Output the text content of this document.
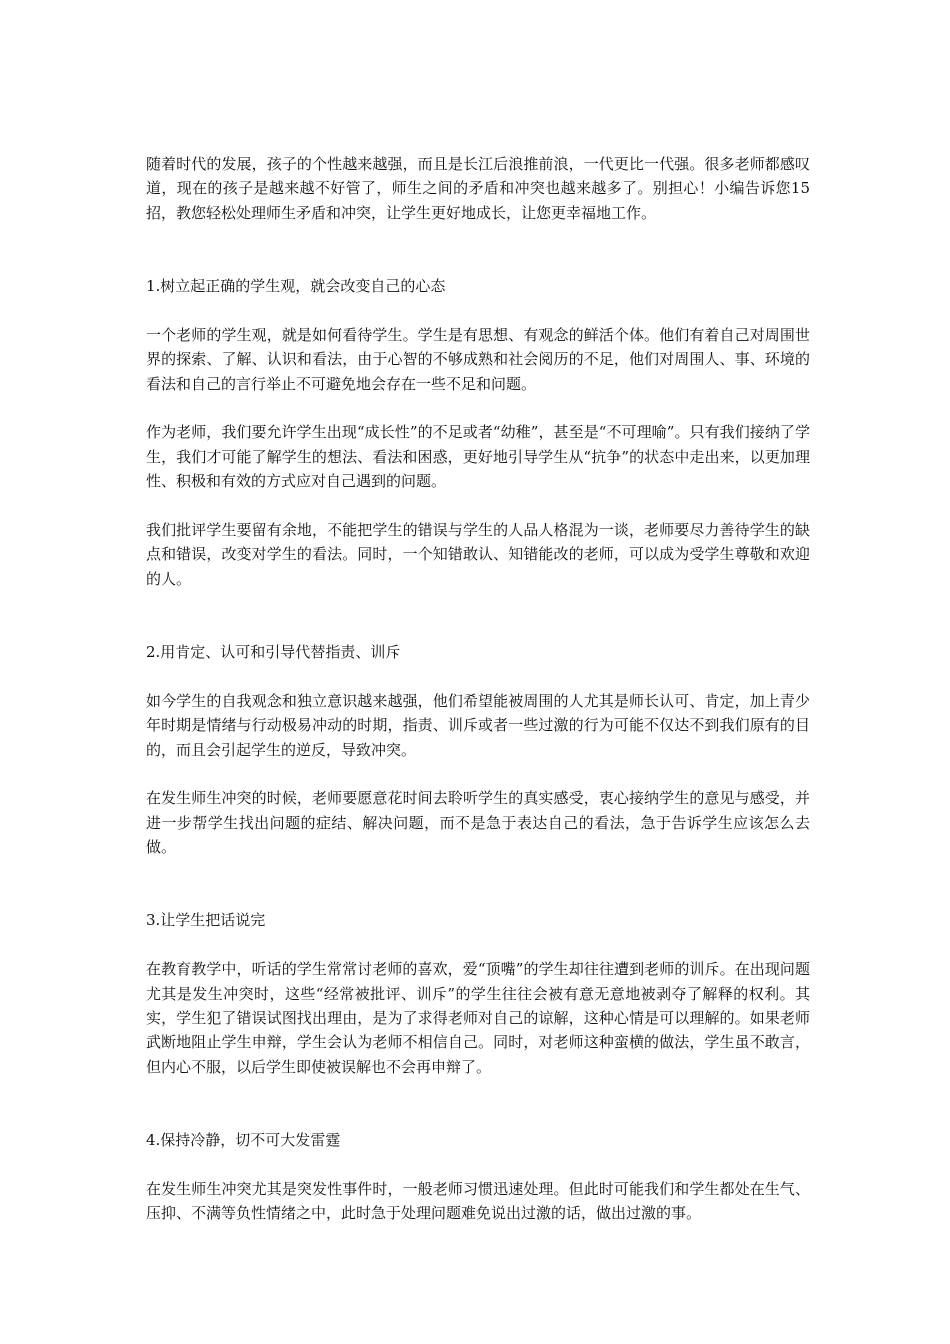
随着时代的发展，孩子的个性越来越强，而且是长江后浪推前浪，一代更比一代强。很多老师都感叹道，现在的孩子是越来越不好管了，师生之间的矛盾和冲突也越来越多了。别担心！小编告诉您15招，教您轻松处理师生矛盾和冲突，让学生更好地成长，让您更幸福地工作。

1.树立起正确的学生观，就会改变自己的心态

一个老师的学生观，就是如何看待学生。学生是有思想、有观念的鲜活个体。他们有着自己对周围世界的探索、了解、认识和看法，由于心智的不够成熟和社会阅历的不足，他们对周围人、事、环境的看法和自己的言行举止不可避免地会存在一些不足和问题。

作为老师，我们要允许学生出现“成长性”的不足或者“幼稚”，甚至是“不可理喻”。只有我们接纳了学生，我们才可能了解学生的想法、看法和困惑，更好地引导学生从“抗争”的状态中走出来，以更加理性、积极和有效的方式应对自己遇到的问题。

我们批评学生要留有余地，不能把学生的错误与学生的人品人格混为一谈，老师要尽力善待学生的缺点和错误，改变对学生的看法。同时，一个知错敢认、知错能改的老师，可以成为受学生尊敬和欢迎的人。

2.用肯定、认可和引导代替指责、训斥

如今学生的自我观念和独立意识越来越强，他们希望能被周围的人尤其是师长认可、肯定，加上青少年时期是情绪与行动极易冲动的时期，指责、训斥或者一些过激的行为可能不仅达不到我们原有的目的，而且会引起学生的逆反，导致冲突。

在发生师生冲突的时候，老师要愿意花时间去聆听学生的真实感受，衷心接纳学生的意见与感受，并进一步帮学生找出问题的症结、解决问题，而不是急于表达自己的看法，急于告诉学生应该怎么去做。

3.让学生把话说完

在教育教学中，听话的学生常常讨老师的喜欢，爱“顶嘴”的学生却往往遭到老师的训斥。在出现问题尤其是发生冲突时，这些“经常被批评、训斥”的学生往往会被有意无意地被剥夺了解释的权利。其实，学生犯了错误试图找出理由，是为了求得老师对自己的谅解，这种心情是可以理解的。如果老师武断地阻止学生申辩，学生会认为老师不相信自己。同时，对老师这种蛮横的做法，学生虽不敢言，但内心不服，以后学生即使被误解也不会再申辩了。

4.保持冷静，切不可大发雷霆

在发生师生冲突尤其是突发性事件时，一般老师习惯迅速处理。但此时可能我们和学生都处在生气、压抑、不满等负性情绪之中，此时急于处理问题难免说出过激的话，做出过激的事。
